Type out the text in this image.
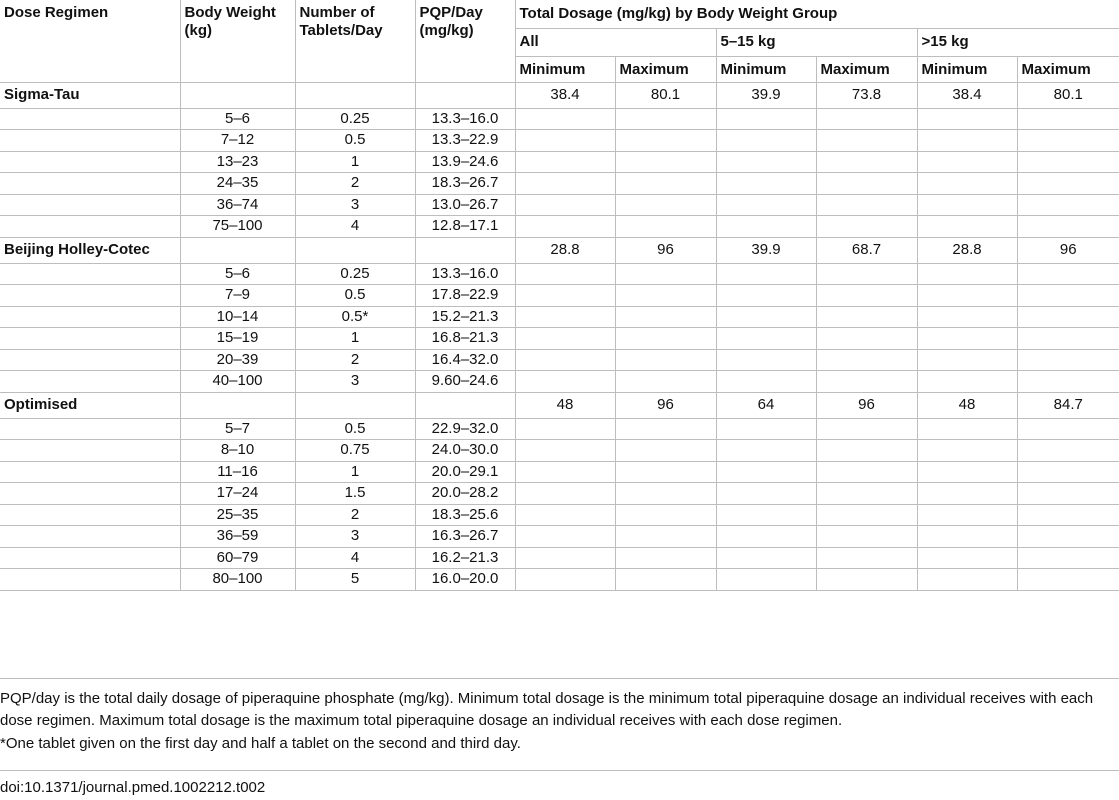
Dose Regimen	Body Weight (kg)	Number of Tablets/Day	PQP/Day (mg/kg)	Total Dosage (mg/kg) by Body Weight Group					
				All		5–15 kg		>15 kg	
				Minimum	Maximum	Minimum	Maximum	Minimum	Maximum
Sigma-Tau				38.4	80.1	39.9	73.8	38.4	80.1
	5–6	0.25	13.3–16.0						
	7–12	0.5	13.3–22.9						
	13–23	1	13.9–24.6						
	24–35	2	18.3–26.7						
	36–74	3	13.0–26.7						
	75–100	4	12.8–17.1						
Beijing Holley-Cotec				28.8	96	39.9	68.7	28.8	96
	5–6	0.25	13.3–16.0						
	7–9	0.5	17.8–22.9						
	10–14	0.5*	15.2–21.3						
	15–19	1	16.8–21.3						
	20–39	2	16.4–32.0						
	40–100	3	9.60–24.6						
Optimised				48	96	64	96	48	84.7
	5–7	0.5	22.9–32.0						
	8–10	0.75	24.0–30.0						
	11–16	1	20.0–29.1						
	17–24	1.5	20.0–28.2						
	25–35	2	18.3–25.6						
	36–59	3	16.3–26.7						
	60–79	4	16.2–21.3						
	80–100	5	16.0–20.0						

PQP/day is the total daily dosage of piperaquine phosphate (mg/kg). Minimum total dosage is the minimum total piperaquine dosage an individual receives with each dose regimen. Maximum total dosage is the maximum total piperaquine dosage an individual receives with each dose regimen.

*One tablet given on the first day and half a tablet on the second and third day.

doi:10.1371/journal.pmed.1002212.t002
